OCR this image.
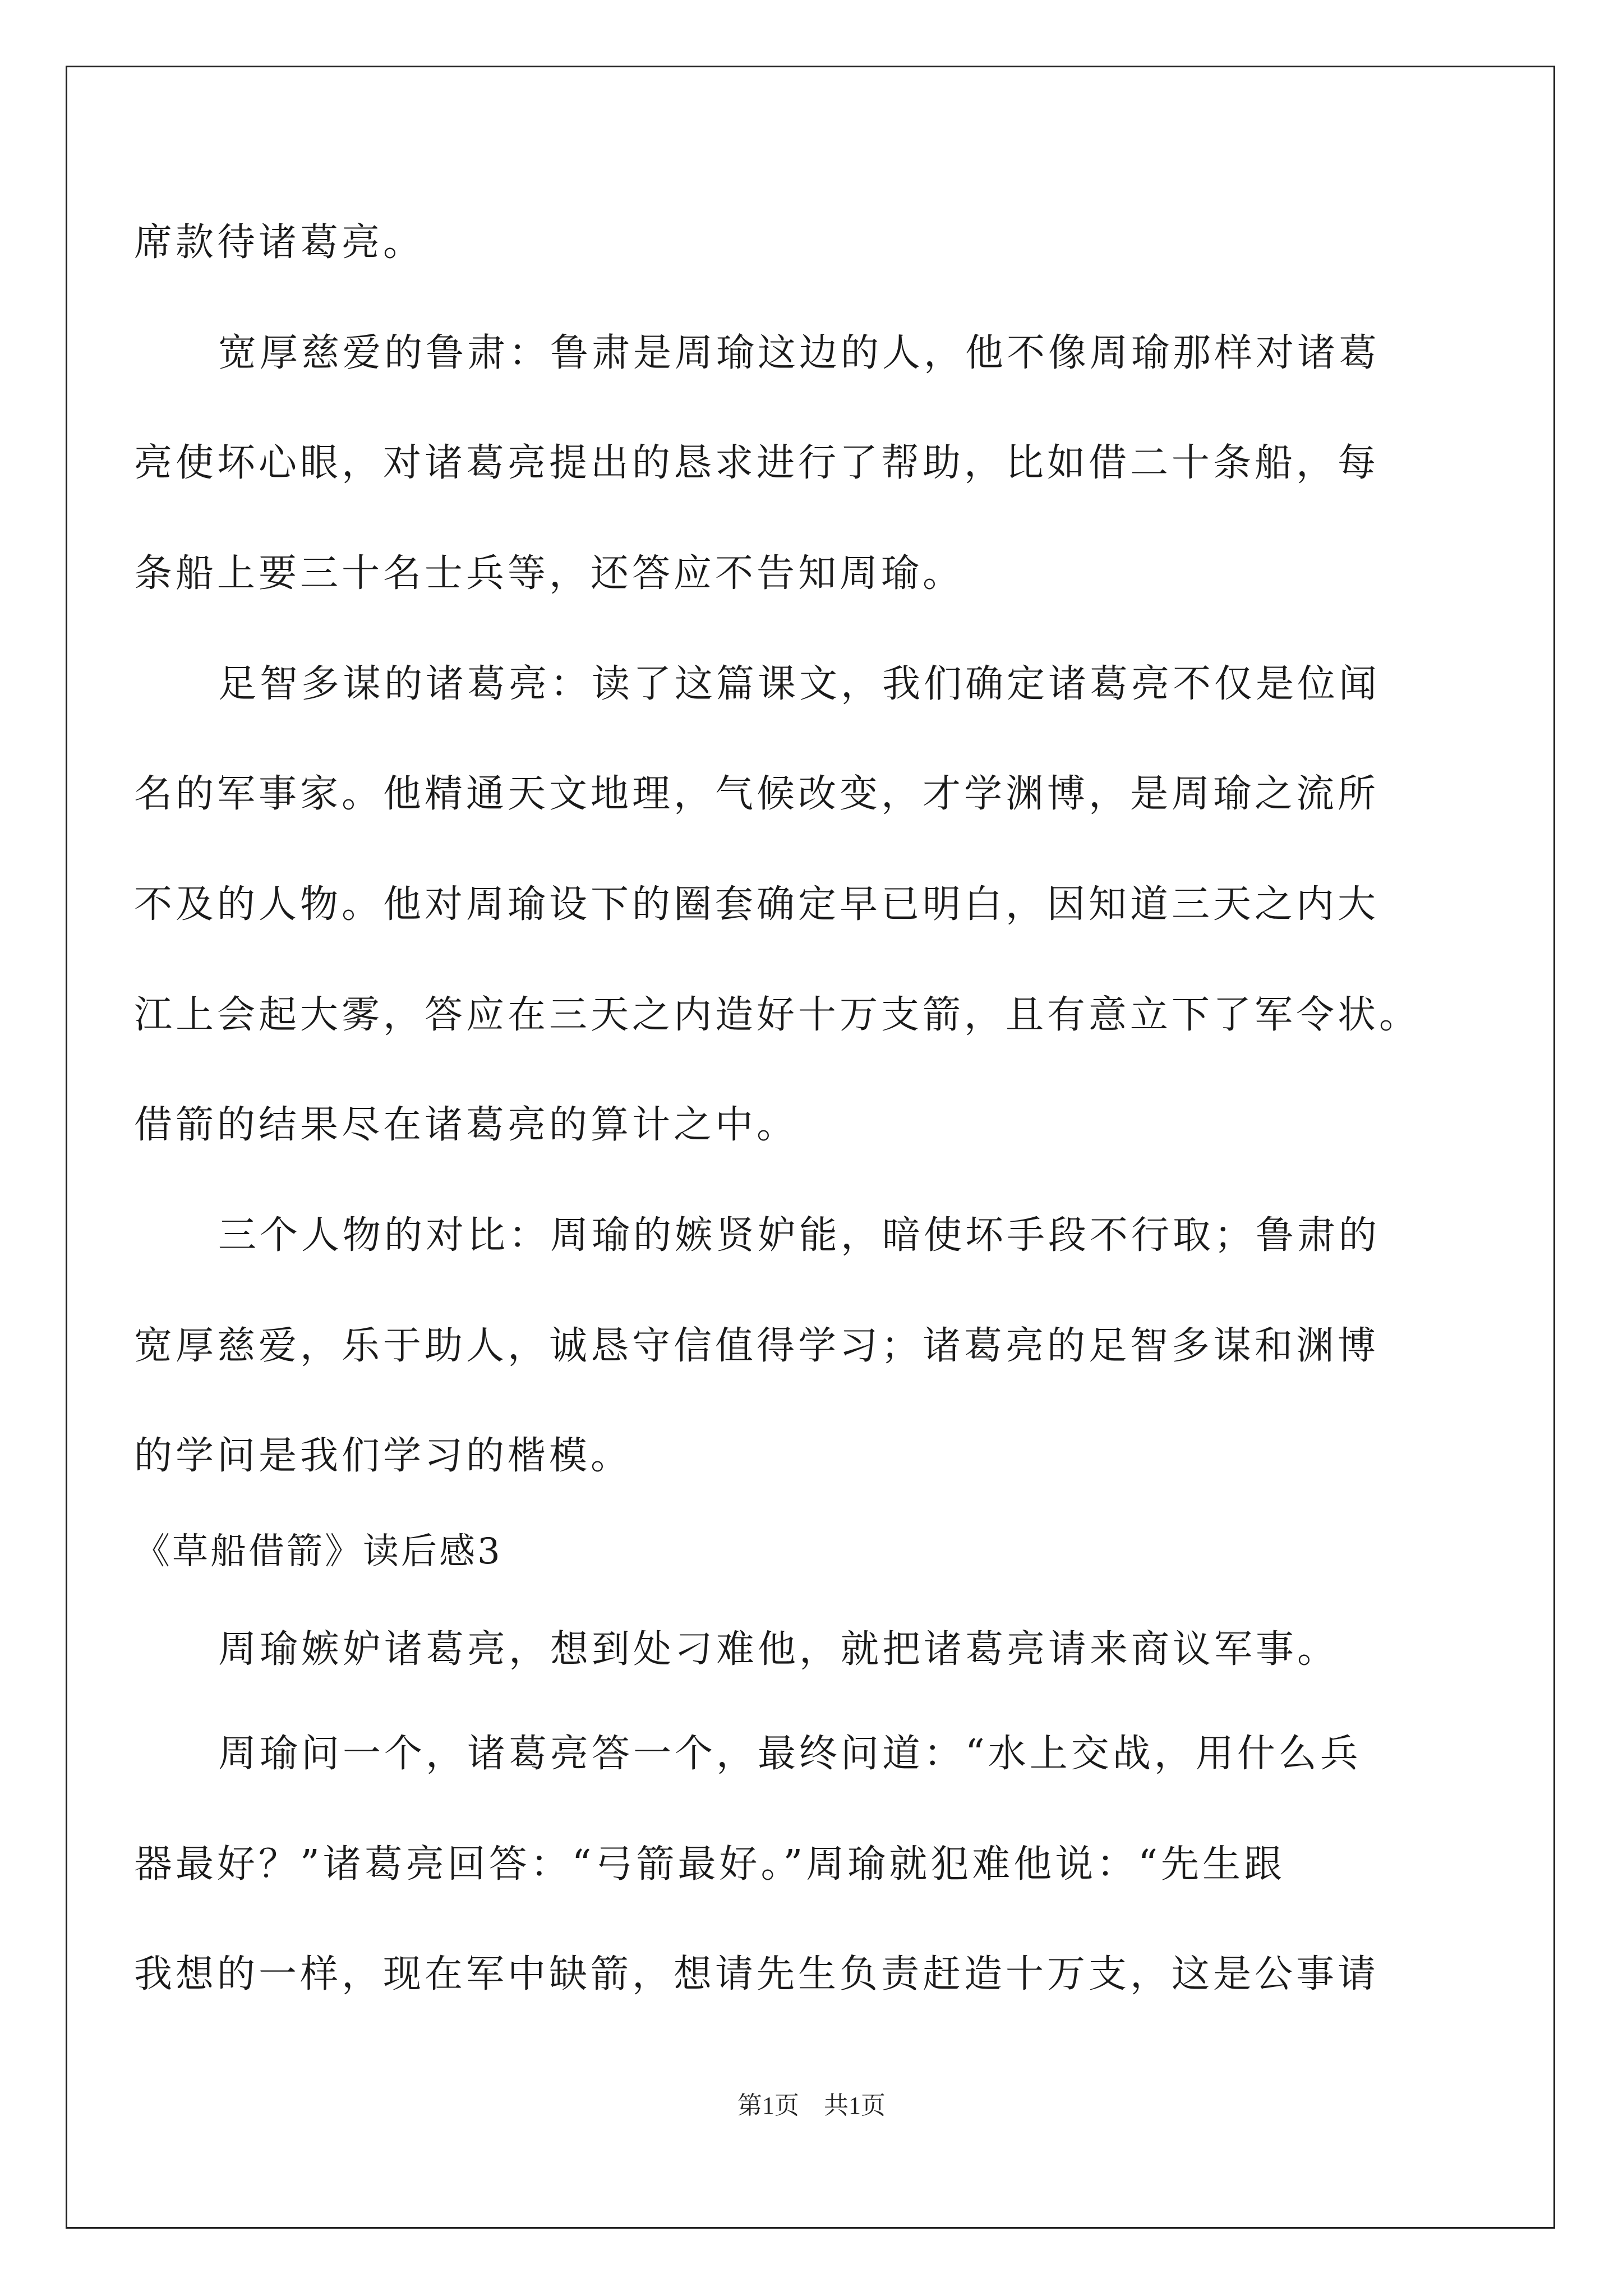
席款待诸葛亮。
宽厚慈爱的鲁肃：鲁肃是周瑜这边的人，他不像周瑜那样对诸葛
亮使坏心眼，对诸葛亮提出的恳求进行了帮助，比如借二十条船，每
条船上要三十名士兵等，还答应不告知周瑜。
足智多谋的诸葛亮：读了这篇课文，我们确定诸葛亮不仅是位闻
名的军事家。他精通天文地理，气候改变，才学渊博，是周瑜之流所
不及的人物。他对周瑜设下的圈套确定早已明白，因知道三天之内大
江上会起大雾，答应在三天之内造好十万支箭，且有意立下了军令状。
借箭的结果尽在诸葛亮的算计之中。
三个人物的对比：周瑜的嫉贤妒能，暗使坏手段不行取；鲁肃的
宽厚慈爱，乐于助人，诚恳守信值得学习；诸葛亮的足智多谋和渊博
的学问是我们学习的楷模。
《草船借箭》读后感3
周瑜嫉妒诸葛亮，想到处刁难他，就把诸葛亮请来商议军事。
周瑜问一个，诸葛亮答一个，最终问道：“水上交战，用什么兵
器最好？”诸葛亮回答：“弓箭最好。”周瑜就犯难他说：“先生跟
我想的一样，现在军中缺箭，想请先生负责赶造十万支，这是公事请
第1页　共1页
